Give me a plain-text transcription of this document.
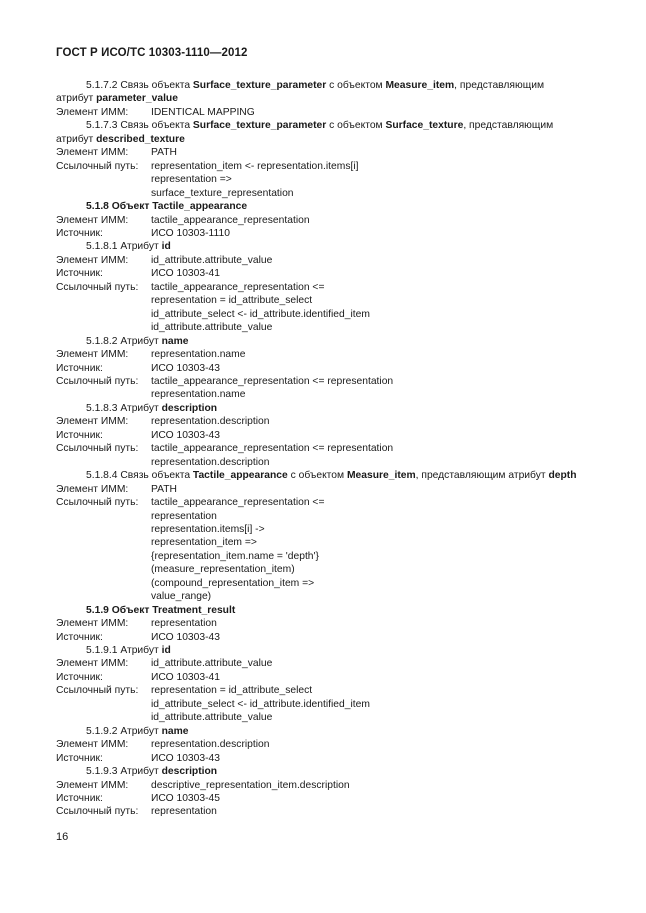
ГОСТ Р ИСО/ТС 10303-1110—2012
5.1.7.2 Связь объекта Surface_texture_parameter с объектом Measure_item, представляющим
атрибут parameter_value
Элемент ИММ: IDENTICAL MAPPING
5.1.7.3 Связь объекта Surface_texture_parameter с объектом Surface_texture, представляющим
атрибут described_texture
Элемент ИММ: PATH
Ссылочный путь: representation_item <- representation.items[i]
representation =>
surface_texture_representation
5.1.8 Объект Tactile_appearance
Элемент ИММ: tactile_appearance_representation
Источник:	ИСО 10303-1110
5.1.8.1 Атрибут id
Элемент ИММ: id_attribute.attribute_value
Источник:	ИСО 10303-41
Ссылочный путь: tactile_appearance_representation <=
representation = id_attribute_select
id_attribute_select <- id_attribute.identified_item
id_attribute.attribute_value
5.1.8.2 Атрибут name
Элемент ИММ: representation.name
Источник:	ИСО 10303-43
Ссылочный путь: tactile_appearance_representation <= representation
representation.name
5.1.8.3 Атрибут description
Элемент ИММ: representation.description
Источник:	ИСО 10303-43
Ссылочный путь: tactile_appearance_representation <= representation
representation.description
5.1.8.4 Связь объекта Tactile_appearance с объектом Measure_item, представляющим атрибут depth
Элемент ИММ: PATH
Ссылочный путь: tactile_appearance_representation <=
representation
representation.items[i] ->
representation_item =>
{representation_item.name = 'depth'}
(measure_representation_item)
(compound_representation_item =>
value_range)
5.1.9 Объект Treatment_result
Элемент ИММ: representation
Источник:	ИСО 10303-43
5.1.9.1 Атрибут id
Элемент ИММ: id_attribute.attribute_value
Источник:	ИСО 10303-41
Ссылочный путь: representation = id_attribute_select
id_attribute_select <- id_attribute.identified_item
id_attribute.attribute_value
5.1.9.2 Атрибут name
Элемент ИММ: representation.description
Источник:	ИСО 10303-43
5.1.9.3 Атрибут description
Элемент ИММ: descriptive_representation_item.description
Источник:	ИСО 10303-45
Ссылочный путь: representation
16
